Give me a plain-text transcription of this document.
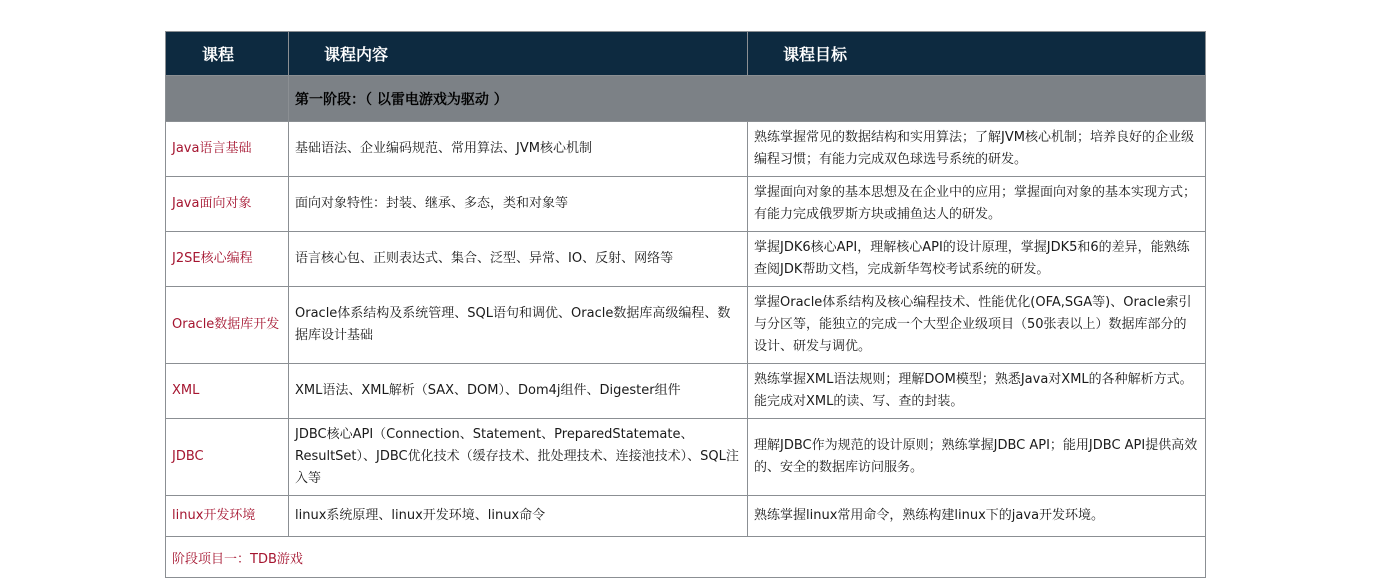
课程	课程内容	课程目标
	第一阶段：（ 以雷电游戏为驱动 ）	
Java语言基础	基础语法、企业编码规范、常用算法、JVM核心机制	熟练掌握常见的数据结构和实用算法；了解JVM核心机制；培养良好的企业级编程习惯；有能力完成双色球选号系统的研发。
Java面向对象	面向对象特性：封装、继承、多态，类和对象等	掌握面向对象的基本思想及在企业中的应用；掌握面向对象的基本实现方式；有能力完成俄罗斯方块或捕鱼达人的研发。
J2SE核心编程	语言核心包、正则表达式、集合、泛型、异常、IO、反射、网络等	掌握JDK6核心API，理解核心API的设计原理，掌握JDK5和6的差异，能熟练查阅JDK帮助文档，完成新华驾校考试系统的研发。
Oracle数据库开发	Oracle体系结构及系统管理、SQL语句和调优、Oracle数据库高级编程、数据库设计基础	掌握Oracle体系结构及核心编程技术、性能优化(OFA,SGA等)、Oracle索引与分区等，能独立的完成一个大型企业级项目（50张表以上）数据库部分的设计、研发与调优。
XML	XML语法、XML解析（SAX、DOM）、Dom4j组件、Digester组件	熟练掌握XML语法规则；理解DOM模型；熟悉Java对XML的各种解析方式。能完成对XML的读、写、查的封装。
JDBC	JDBC核心API（Connection、Statement、PreparedStatemate、ResultSet）、JDBC优化技术（缓存技术、批处理技术、连接池技术）、SQL注入等	理解JDBC作为规范的设计原则；熟练掌握JDBC API；能用JDBC API提供高效的、安全的数据库访问服务。
linux开发环境	linux系统原理、linux开发环境、linux命令	熟练掌握linux常用命令，熟练构建linux下的java开发环境。
阶段项目一：TDB游戏		
